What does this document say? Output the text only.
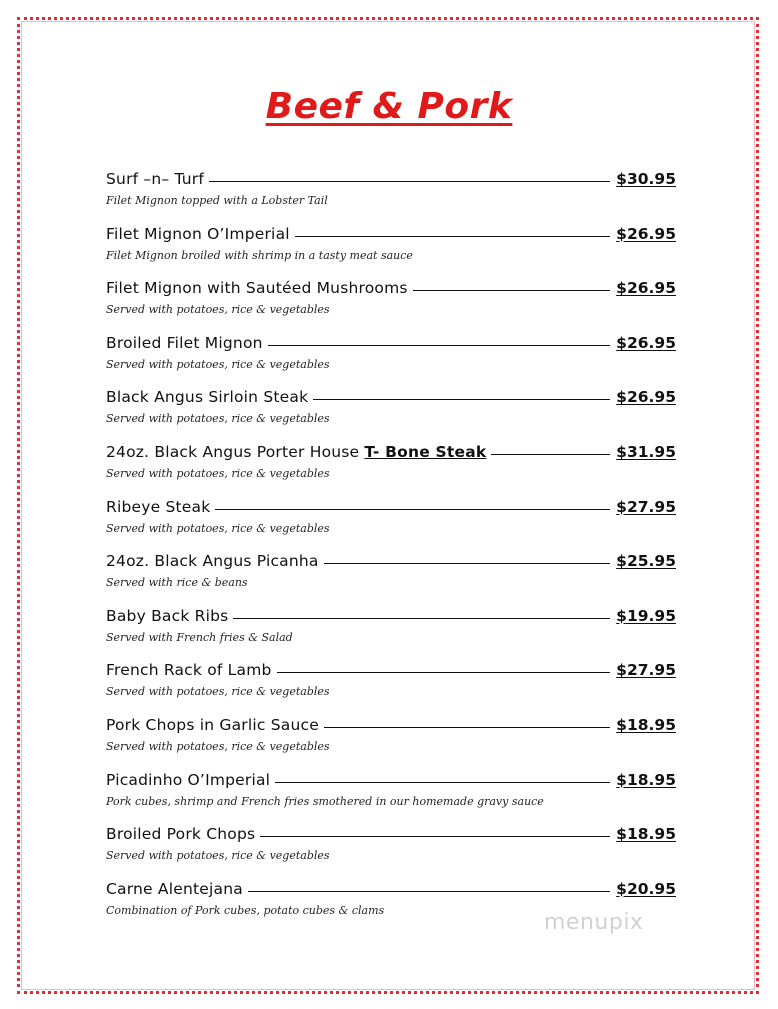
Beef & Pork
Surf –n– Turf	$30.95
Filet Mignon topped with a Lobster Tail
Filet Mignon O’Imperial	$26.95
Filet Mignon broiled with shrimp in a tasty meat sauce
Filet Mignon with Sautéed Mushrooms	$26.95
Served with potatoes, rice & vegetables
Broiled Filet Mignon	$26.95
Served with potatoes, rice & vegetables
Black Angus Sirloin Steak	$26.95
Served with potatoes, rice & vegetables
24oz. Black Angus Porter House T- Bone Steak	$31.95
Served with potatoes, rice & vegetables
Ribeye Steak	$27.95
Served with potatoes, rice & vegetables
24oz. Black Angus Picanha	$25.95
Served with rice & beans
Baby Back Ribs	$19.95
Served with French fries & Salad
French Rack of Lamb	$27.95
Served with potatoes, rice & vegetables
Pork Chops in Garlic Sauce	$18.95
Served with potatoes, rice & vegetables
Picadinho O’Imperial	$18.95
Pork cubes, shrimp and French fries smothered in our homemade gravy sauce
Broiled Pork Chops	$18.95
Served with potatoes, rice & vegetables
Carne Alentejana	$20.95
Combination of Pork cubes, potato cubes & clams	menupix
